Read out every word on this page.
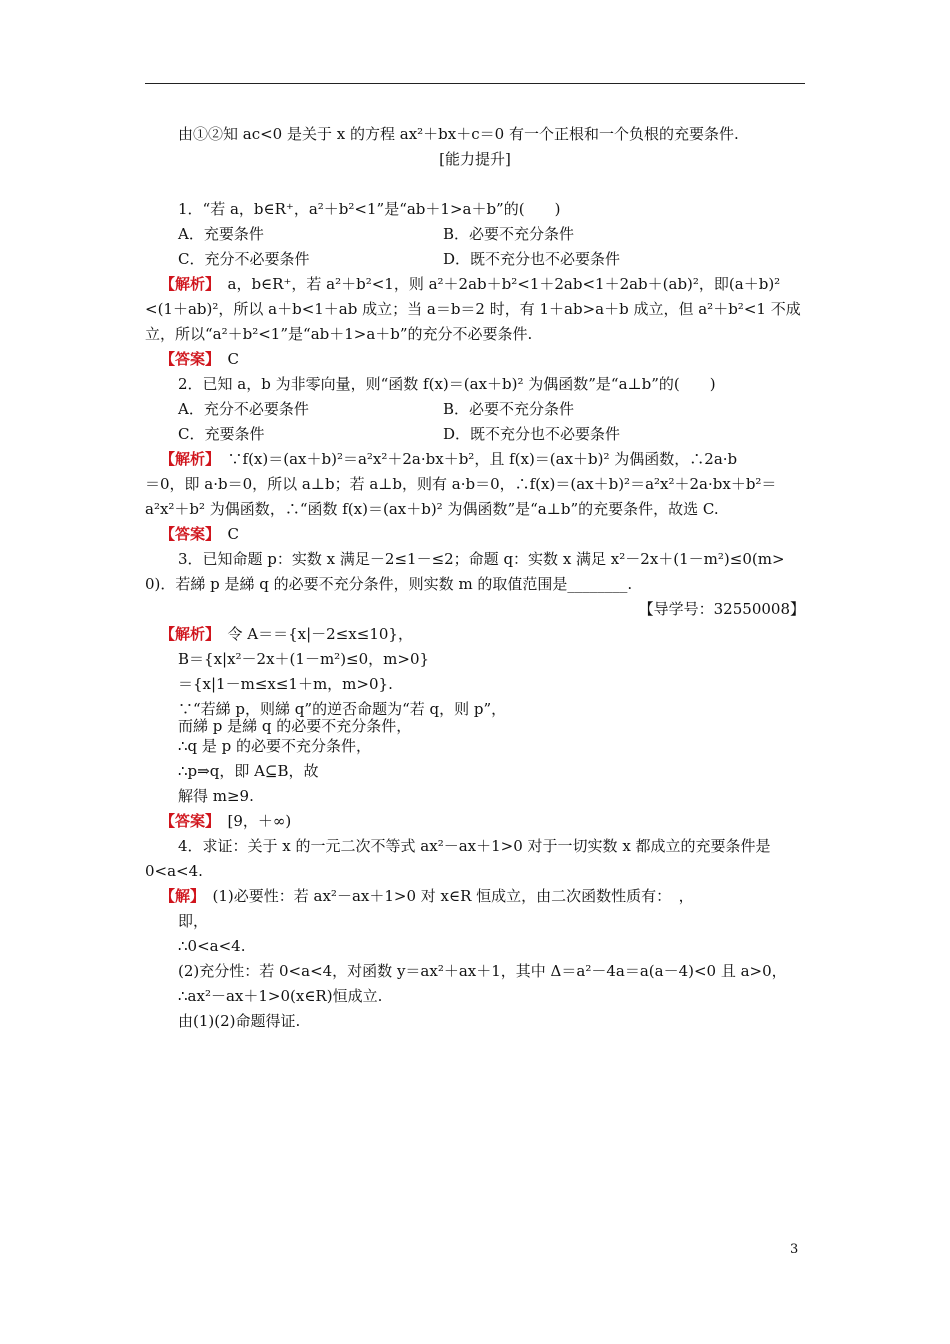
由①②知 ac<0 是关于 x 的方程 ax²＋bx＋c＝0 有一个正根和一个负根的充要条件.
1．“若 a，b∈R⁺，a²＋b²<1”是“ab＋1>a＋b”的(　　)
A．充要条件	B．必要不充分条件
C．充分不必要条件	D．既不充分也不必要条件
【解析】　a，b∈R⁺，若 a²＋b²<1，则 a²＋2ab＋b²<1＋2ab<1＋2ab＋(ab)²，即(a＋b)²
<(1＋ab)²，所以 a＋b<1＋ab 成立；当 a＝b＝2 时，有 1＋ab>a＋b 成立，但 a²＋b²<1 不成
立，所以“a²＋b²<1”是“ab＋1>a＋b”的充分不必要条件.
【答案】　C
2．已知 a，b 为非零向量，则“函数 f(x)＝(ax＋b)² 为偶函数”是“a⊥b”的(　　)
A．充分不必要条件	B．必要不充分条件
C．充要条件	D．既不充分也不必要条件
【解析】　∵f(x)＝(ax＋b)²＝a²x²＋2a·bx＋b²，且 f(x)＝(ax＋b)² 为偶函数，∴2a·b
＝0，即 a·b＝0，所以 a⊥b；若 a⊥b，则有 a·b＝0，∴f(x)＝(ax＋b)²＝a²x²＋2a·bx＋b²＝
a²x²＋b² 为偶函数，∴“函数 f(x)＝(ax＋b)² 为偶函数”是“a⊥b”的充要条件，故选 C.
【答案】　C
3．已知命题 p：实数 x 满足－2≤1－≤2；命题 q：实数 x 满足 x²－2x＋(1－m²)≤0(m>
0)．若綈 p 是綈 q 的必要不充分条件，则实数 m 的取值范围是________.
【解析】　令 A＝＝{x|－2≤x≤10}，
B＝{x|x²－2x＋(1－m²)≤0，m>0}
＝{x|1－m≤x≤1＋m，m>0}.
∵“若綈 p，则綈 q”的逆否命题为“若 q，则 p”，
而綈 p 是綈 q 的必要不充分条件，
∴q 是 p 的必要不充分条件，
∴p⇒q，即 A⊆B，故
解得 m≥9.
【答案】　[9，＋∞)
4．求证：关于 x 的一元二次不等式 ax²－ax＋1>0 对于一切实数 x 都成立的充要条件是
0<a<4.
【解】　(1)必要性：若 ax²－ax＋1>0 对 x∈R 恒成立，由二次函数性质有：　，
即，
∴0<a<4.
(2)充分性：若 0<a<4，对函数 y＝ax²＋ax＋1，其中 Δ＝a²－4a＝a(a－4)<0 且 a>0，
∴ax²－ax＋1>0(x∈R)恒成立.
由(1)(2)命题得证.
[能力提升]
【导学号：32550008】
3
